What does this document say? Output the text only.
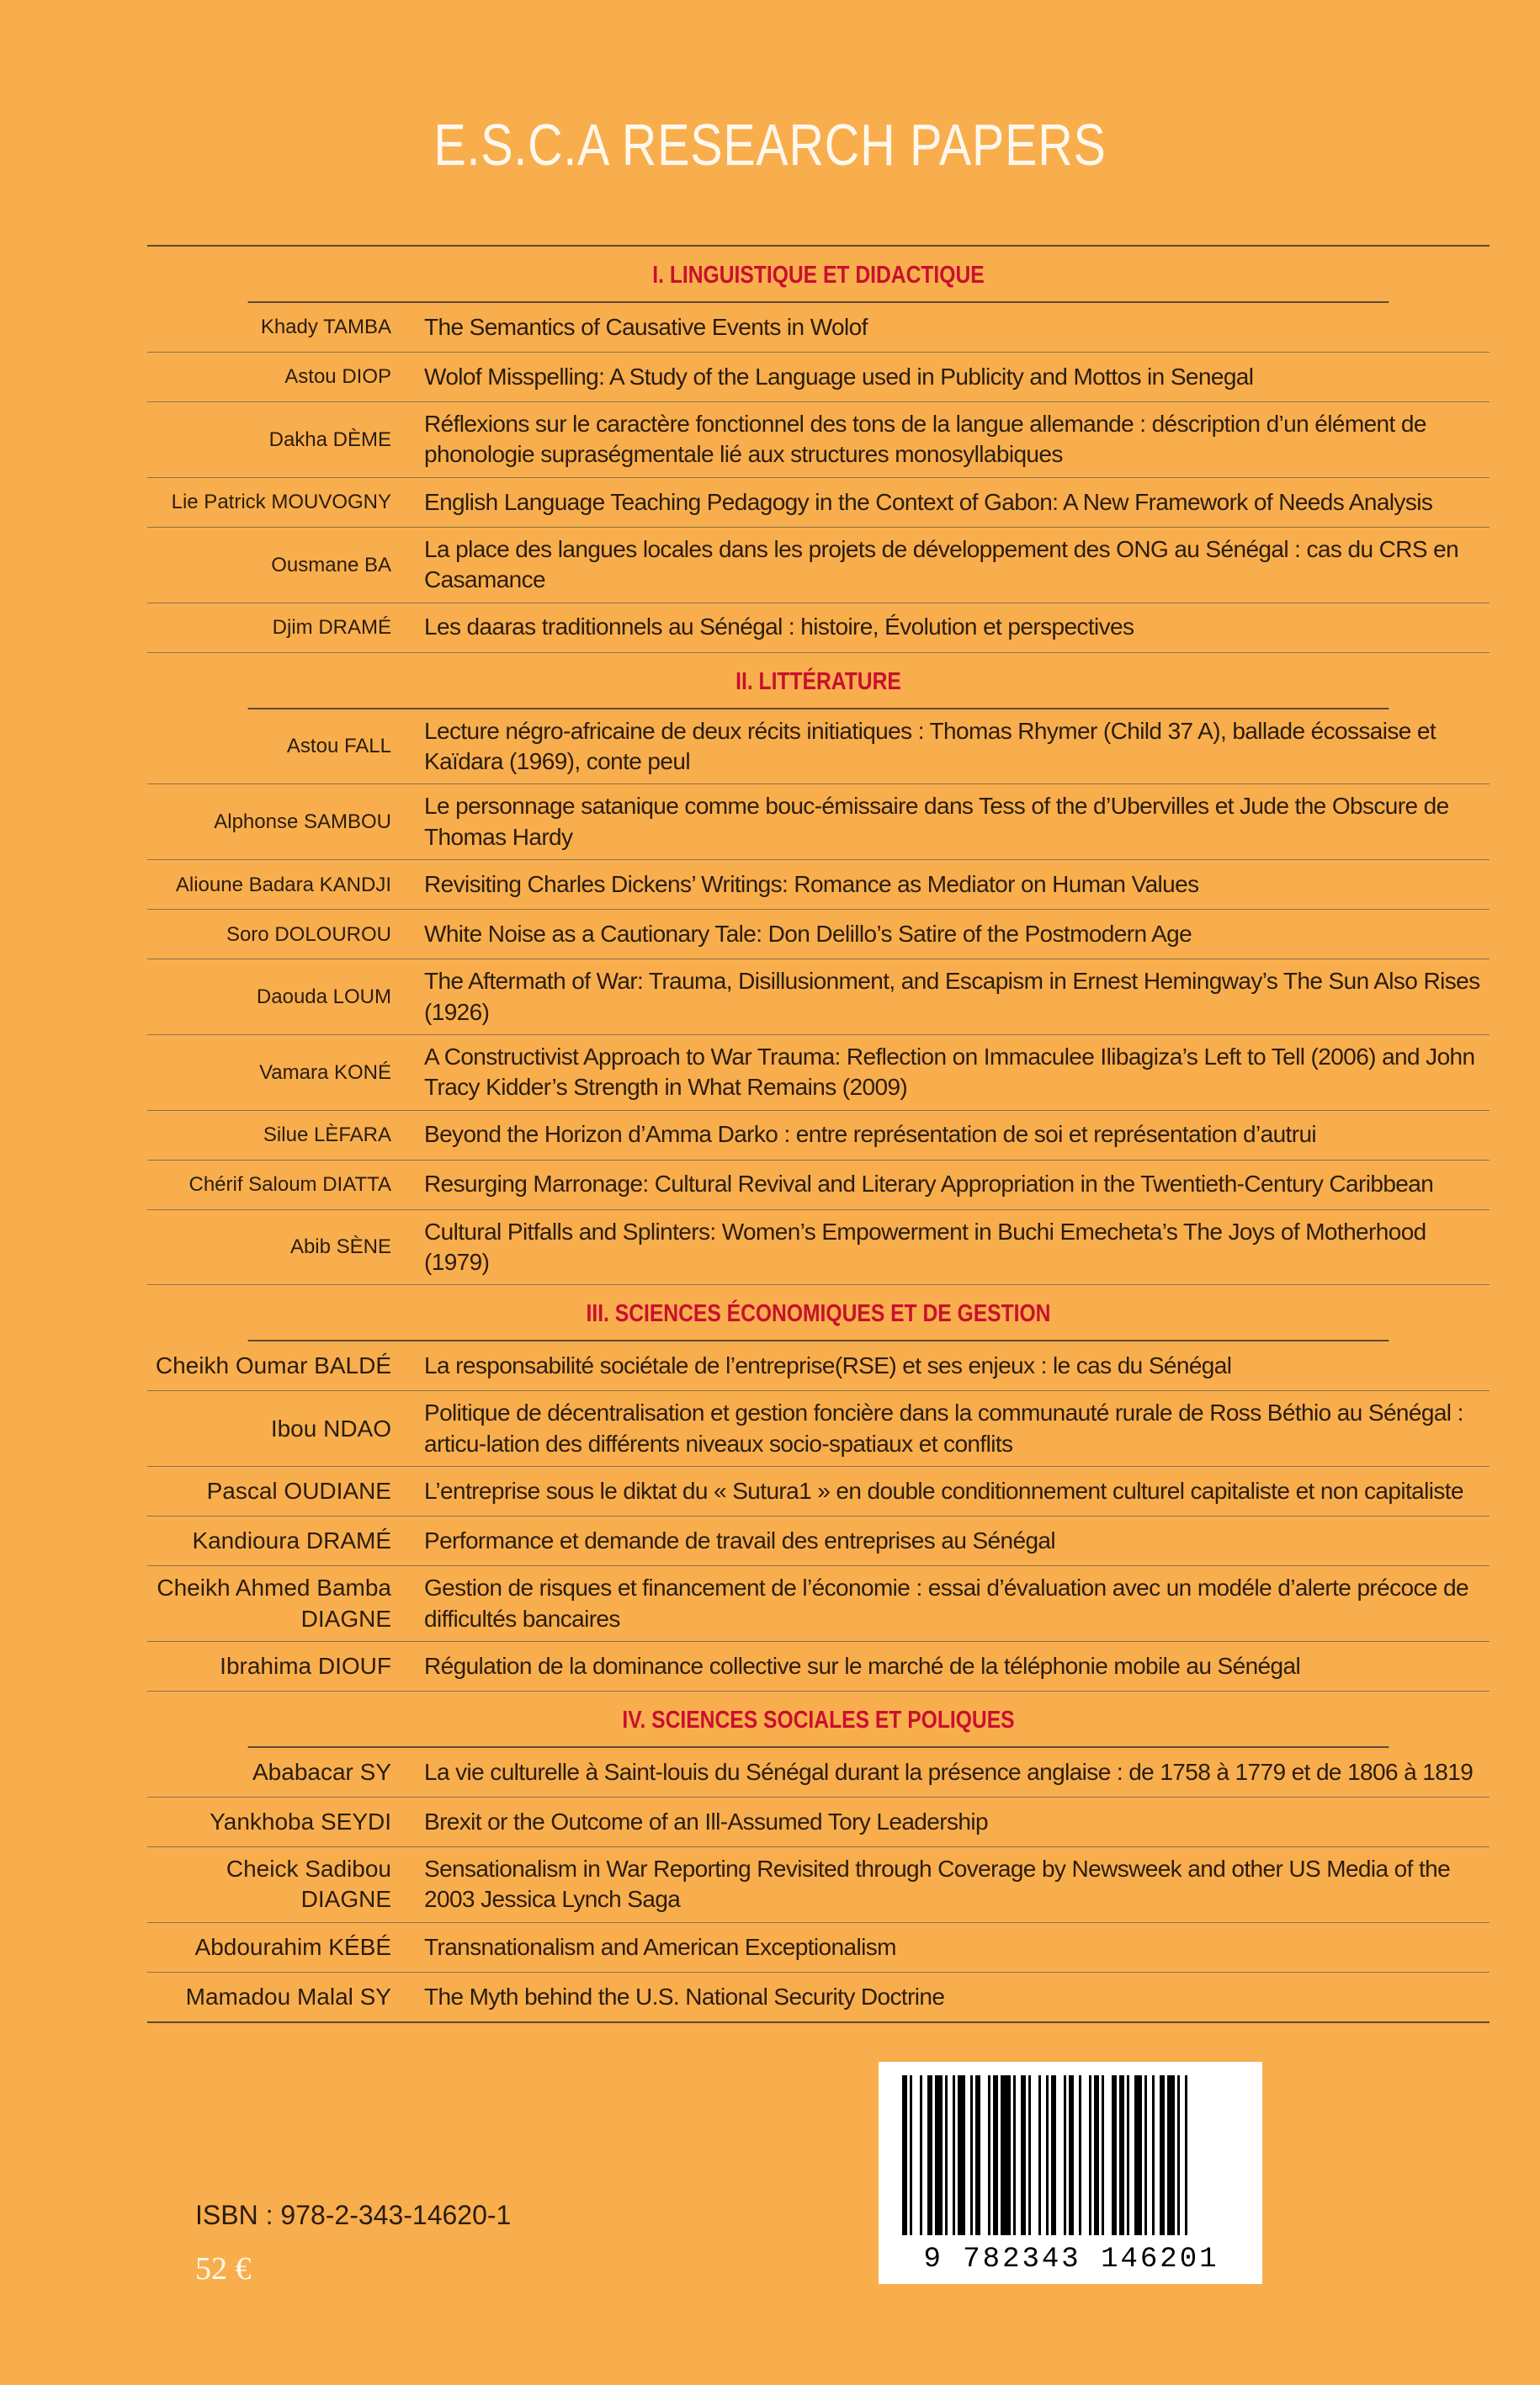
E.S.C.A RESEARCH PAPERS
I. LINGUISTIQUE ET DIDACTIQUE
Khady TAMBA The Semantics of Causative Events in Wolof
Astou DIOP Wolof Misspelling: A Study of the Language used in Publicity and Mottos in Senegal
Dakha DÈME
Réflexions sur le caractère fonctionnel des tons de la langue allemande : déscription d’un élément de phonologie supraségmentale lié aux structures monosyllabiques
Lie Patrick MOUVOGNY English Language Teaching Pedagogy in the Context of Gabon: A New Framework of Needs Analysis
Ousmane BA
La place des langues locales dans les projets de développement des ONG au Sénégal : cas du CRS en Casamance
Djim DRAMÉ Les daaras traditionnels au Sénégal : histoire, Évolution et perspectives
II. LITTÉRATURE
Astou FALL
Lecture négro-africaine de deux récits initiatiques : Thomas Rhymer (Child 37 A), ballade écossaise et Kaïdara (1969), conte peul
Alphonse SAMBOU
Le personnage satanique comme bouc-émissaire dans Tess of the d’Ubervilles et Jude the Obscure de Thomas Hardy
Alioune Badara KANDJI Revisiting Charles Dickens’ Writings: Romance as Mediator on Human Values
Soro DOLOUROU White Noise as a Cautionary Tale: Don Delillo’s Satire of the Postmodern Age
Daouda LOUM
The Aftermath of War: Trauma, Disillusionment, and Escapism in Ernest Hemingway’s The Sun Also Rises (1926)
Vamara KONÉ
A Constructivist Approach to War Trauma: Reflection on Immaculee Ilibagiza’s Left to Tell (2006) and John Tracy Kidder’s Strength in What Remains (2009)
Silue LÈFARA Beyond the Horizon d’Amma Darko : entre représentation de soi et représentation d’autrui
Chérif Saloum DIATTA Resurging Marronage: Cultural Revival and Literary Appropriation in the Twentieth-Century Caribbean
Abib SÈNE
Cultural Pitfalls and Splinters: Women’s Empowerment in Buchi Emecheta’s The Joys of Motherhood (1979)
III. SCIENCES ÉCONOMIQUES ET DE GESTION
Cheikh Oumar BALDÉ La responsabilité sociétale de l’entreprise(RSE) et ses enjeux : le cas du Sénégal
Ibou NDAO
Politique de décentralisation et gestion foncière dans la communauté rurale de Ross Béthio au Sénégal : articu-lation des différents niveaux socio-spatiaux et conflits
Pascal OUDIANE L’entreprise sous le diktat du « Sutura1 » en double conditionnement culturel capitaliste et non capitaliste
Kandioura DRAMÉ Performance et demande de travail des entreprises au Sénégal
Cheikh Ahmed Bamba DIAGNE
Gestion de risques et financement de l’économie : essai d’évaluation avec un modéle d’alerte précoce de difficultés bancaires
Ibrahima DIOUF Régulation de la dominance collective sur le marché de la téléphonie mobile au Sénégal
IV. SCIENCES SOCIALES ET POLIQUES
Ababacar SY La vie culturelle à Saint-louis du Sénégal durant la présence anglaise : de 1758 à 1779 et de 1806 à 1819
Yankhoba SEYDI Brexit or the Outcome of an Ill-Assumed Tory Leadership
Cheick Sadibou DIAGNE
Sensationalism in War Reporting Revisited through Coverage by Newsweek and other US Media of the 2003 Jessica Lynch Saga
Abdourahim KÉBÉ Transnationalism and American Exceptionalism
Mamadou Malal SY The Myth behind the U.S. National Security Doctrine
ISBN : 978-2-343-14620-1
52 €	9 782343 146201
